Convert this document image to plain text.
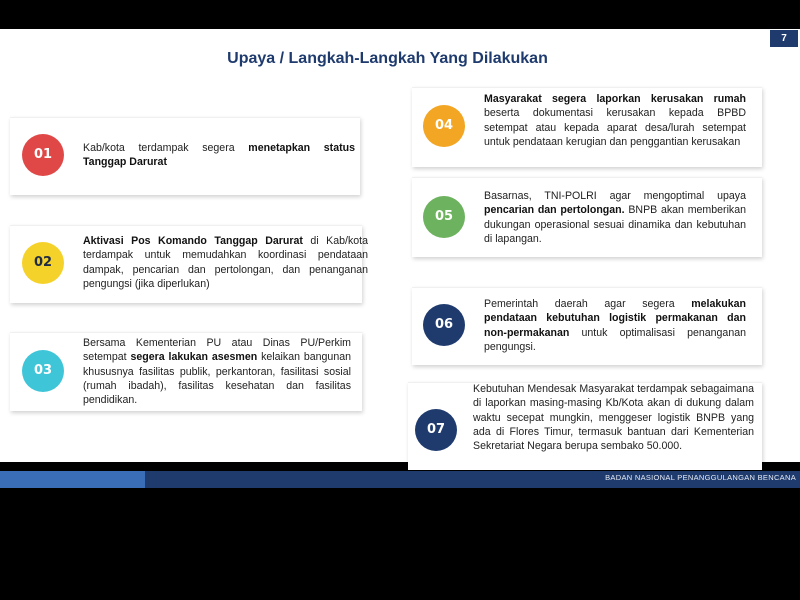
7
Upaya / Langkah-Langkah Yang Dilakukan
01	Kab/kota terdampak segera menetapkan status Tanggap Darurat
02
Aktivasi Pos Komando Tanggap Darurat di Kab/kota terdampak untuk memudahkan koordinasi pendataan dampak, pencarian dan pertolongan, dan penanganan pengungsi (jika diperlukan)
03
Bersama Kementerian PU atau Dinas PU/Perkim setempat segera lakukan asesmen kelaikan bangunan khususnya fasilitas publik, perkantoran, fasilitasi sosial (rumah ibadah), fasilitas kesehatan dan fasilitas pendidikan.
04
Masyarakat segera laporkan kerusakan rumah beserta dokumentasi kerusakan kepada BPBD setempat atau kepada aparat desa/lurah setempat untuk pendataan kerugian dan penggantian kerusakan
05
Basarnas, TNI-POLRI agar mengoptimal upaya pencarian dan pertolongan. BNPB akan memberikan dukungan operasional sesuai dinamika dan kebutuhan di lapangan.
06
Pemerintah daerah agar segera melakukan pendataan kebutuhan logistik permakanan dan non-permakanan untuk optimalisasi penanganan pengungsi.
07
Kebutuhan Mendesak Masyarakat terdampak sebagaimana di laporkan masing-masing Kb/Kota akan di dukung dalam waktu secepat mungkin, menggeser logistik BNPB yang ada di Flores Timur, termasuk bantuan dari Kementerian Sekretariat Negara berupa sembako 50.000.
BADAN NASIONAL PENANGGULANGAN BENCANA
